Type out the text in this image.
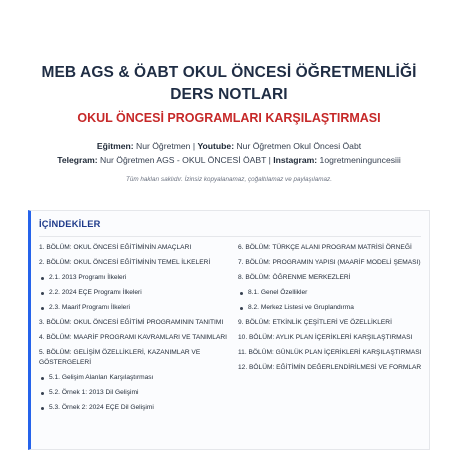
MEB AGS & ÖABT OKUL ÖNCESİ ÖĞRETMENLİĞİ DERS NOTLARI
OKUL ÖNCESİ PROGRAMLARI KARŞILAŞTIRMASI
Eğitmen: Nur Öğretmen | Youtube: Nur Öğretmen Okul Öncesi Öabt
Telegram: Nur Öğretmen AGS - OKUL ÖNCESİ ÖABT | Instagram: 1ogretmeninguncesiii
Tüm hakları saklıdır. İzinsiz kopyalanamaz, çoğaltılamaz ve paylaşılamaz.
İÇİNDEKİLER
1. BÖLÜM: OKUL ÖNCESİ EĞİTİMİNİN AMAÇLARI
2. BÖLÜM: OKUL ÖNCESİ EĞİTİMİNİN TEMEL İLKELERİ
2.1. 2013 Programı İlkeleri
2.2. 2024 EÇE Programı İlkeleri
2.3. Maarif Programı İlkeleri
3. BÖLÜM: OKUL ÖNCESİ EĞİTİMİ PROGRAMININ TANITIMI
4. BÖLÜM: MAARİF PROGRAMI KAVRAMLARI VE TANIMLARI
5. BÖLÜM: GELİŞİM ÖZELLİKLERİ, KAZANIMLAR VE GÖSTERGELERİ
5.1. Gelişim Alanları Karşılaştırması
5.2. Örnek 1: 2013 Dil Gelişimi
5.3. Örnek 2: 2024 EÇE Dil Gelişimi
6. BÖLÜM: TÜRKÇE ALANI PROGRAM MATRİSİ ÖRNEĞİ
7. BÖLÜM: PROGRAMIN YAPISI (MAARİF MODELİ ŞEMASI)
8. BÖLÜM: ÖĞRENME MERKEZLERİ
8.1. Genel Özellikler
8.2. Merkez Listesi ve Gruplandırma
9. BÖLÜM: ETKİNLİK ÇEŞİTLERİ VE ÖZELLİKLERİ
10. BÖLÜM: AYLIK PLAN İÇERİKLERİ KARŞILAŞTIRMASI
11. BÖLÜM: GÜNLÜK PLAN İÇERİKLERİ KARŞILAŞTIRMASI
12. BÖLÜM: EĞİTİMİN DEĞERLENDİRİLMESİ VE FORMLAR
